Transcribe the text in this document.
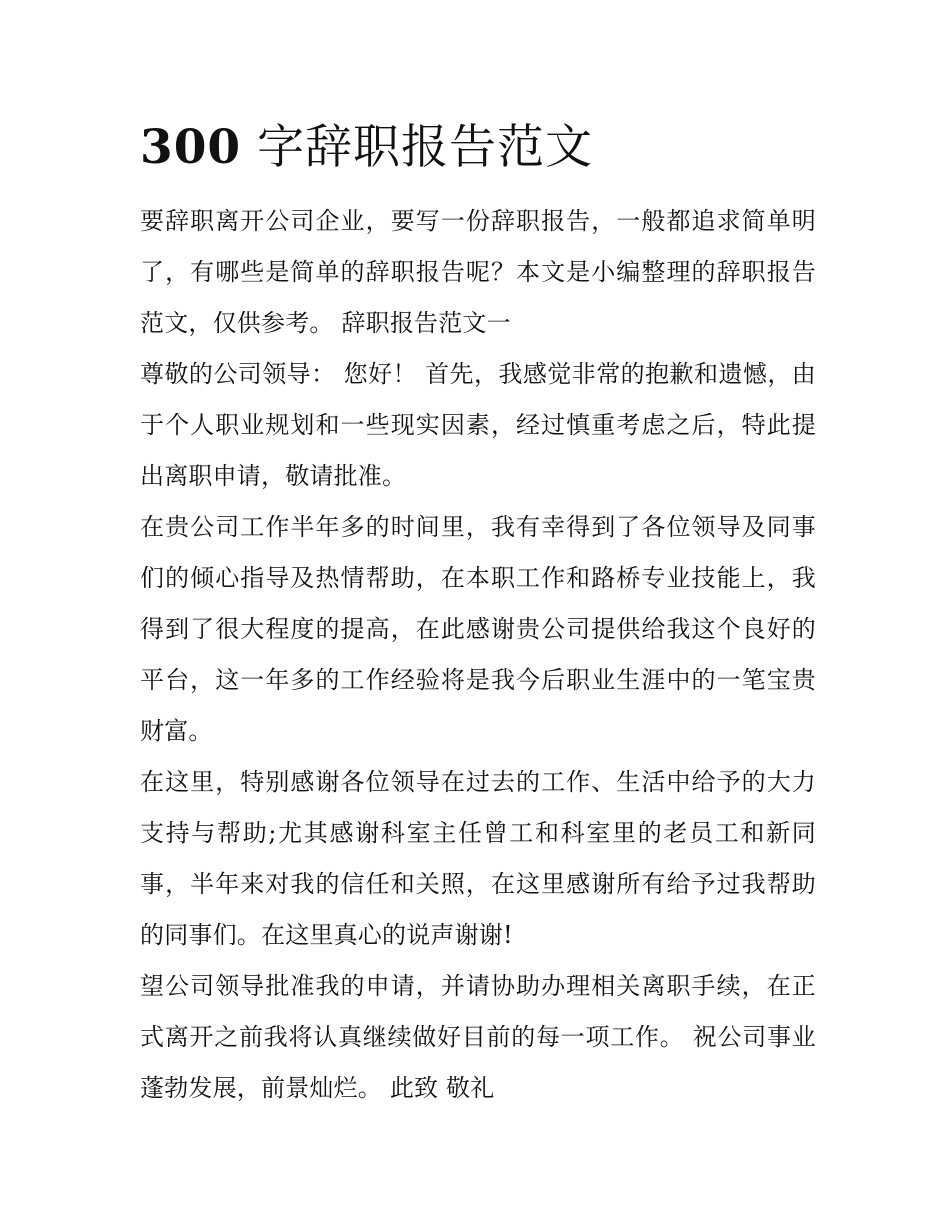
300 字辞职报告范文

要辞职离开公司企业，要写一份辞职报告，一般都追求简单明了，有哪些是简单的辞职报告呢？本文是小编整理的辞职报告范文，仅供参考。 辞职报告范文一

尊敬的公司领导： 您好！ 首先，我感觉非常的抱歉和遗憾，由于个人职业规划和一些现实因素，经过慎重考虑之后，特此提出离职申请，敬请批准。

在贵公司工作半年多的时间里，我有幸得到了各位领导及同事们的倾心指导及热情帮助，在本职工作和路桥专业技能上，我得到了很大程度的提高，在此感谢贵公司提供给我这个良好的平台，这一年多的工作经验将是我今后职业生涯中的一笔宝贵财富。

在这里，特别感谢各位领导在过去的工作、生活中给予的大力支持与帮助;尤其感谢科室主任曾工和科室里的老员工和新同事，半年来对我的信任和关照，在这里感谢所有给予过我帮助的同事们。在这里真心的说声谢谢!

望公司领导批准我的申请，并请协助办理相关离职手续，在正式离开之前我将认真继续做好目前的每一项工作。 祝公司事业蓬勃发展，前景灿烂。 此致 敬礼
